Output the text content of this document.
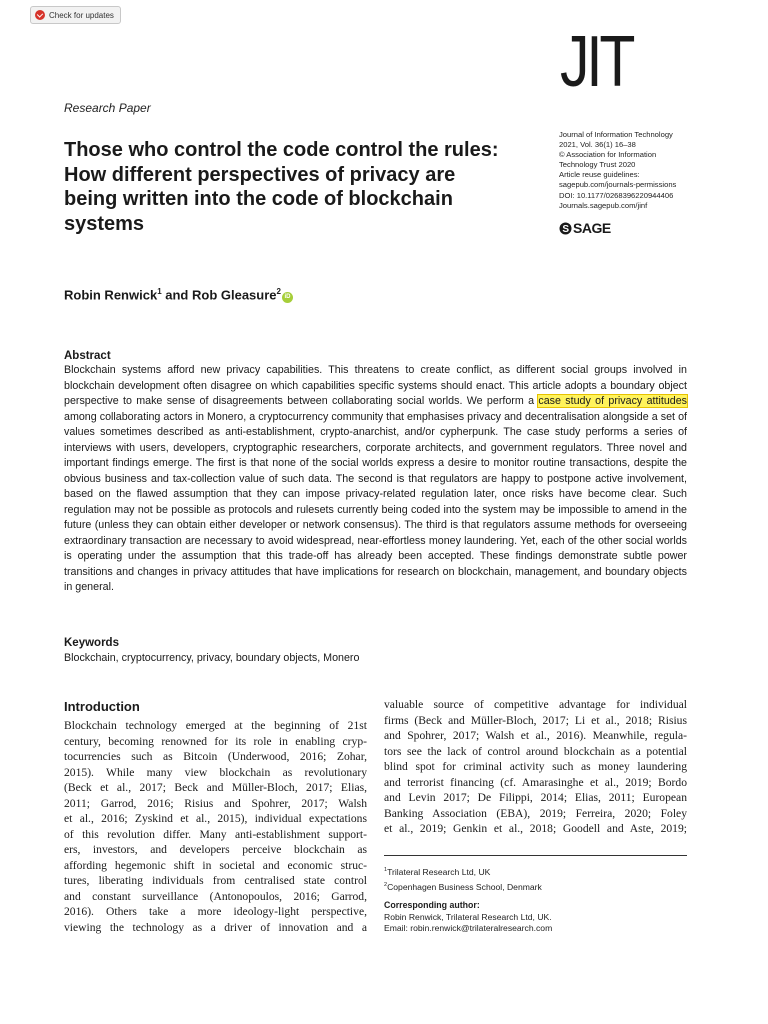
Check for updates
JIT
Research Paper
Those who control the code control the rules: How different perspectives of privacy are being written into the code of blockchain systems
Journal of Information Technology
2021, Vol. 36(1) 16–38
© Association for Information
Technology Trust 2020
Article reuse guidelines:
sagepub.com/journals-permissions
DOI: 10.1177/0268396220944406
Journals.sagepub.com/jinf
S SAGE
Robin Renwick$^1$ and Rob Gleasure$^2$iD
Abstract
Blockchain systems afford new privacy capabilities. This threatens to create conflict, as different social groups involved in blockchain development often disagree on which capabilities specific systems should enact. This article adopts a boundary object perspective to make sense of disagreements between collaborating social worlds. We perform a case study of privacy attitudes among collaborating actors in Monero, a cryptocurrency community that emphasises privacy and decentralisation alongside a set of values sometimes described as anti-establishment, crypto-anarchist, and/or cypherpunk. The case study performs a series of interviews with users, developers, cryptographic researchers, corporate architects, and government regulators. Three novel and important findings emerge. The first is that none of the social worlds express a desire to monitor routine transactions, despite the obvious business and tax-collection value of such data. The second is that regulators are happy to postpone active involvement, based on the flawed assumption that they can impose privacy-related regulation later, once risks have become clear. Such regulation may not be possible as protocols and rulesets currently being coded into the system may be impossible to amend in the future (unless they can obtain either developer or network consensus). The third is that regulators assume methods for overseeing extraordinary transaction are necessary to avoid widespread, near-effortless money laundering. Yet, each of the other social worlds is operating under the assumption that this trade-off has already been accepted. These findings demonstrate subtle power transitions and changes in privacy attitudes that have implications for research on blockchain, management, and boundary objects in general.
Keywords
Blockchain, cryptocurrency, privacy, boundary objects, Monero
Introduction
Blockchain technology emerged at the beginning of 21st
century, becoming renowned for its role in enabling cryp-
tocurrencies such as Bitcoin (Underwood, 2016; Zohar,
2015). While many view blockchain as revolutionary
(Beck et al., 2017; Beck and Müller-Bloch, 2017; Elias,
2011; Garrod, 2016; Risius and Spohrer, 2017; Walsh
et al., 2016; Zyskind et al., 2015), individual expectations
of this revolution differ. Many anti-establishment support-
ers, investors, and developers perceive blockchain as
affording hegemonic shift in societal and economic struc-
tures, liberating individuals from centralised state control
and constant surveillance (Antonopoulos, 2016; Garrod,
2016). Others take a more ideology-light perspective,
viewing the technology as a driver of innovation and a
valuable source of competitive advantage for individual
firms (Beck and Müller-Bloch, 2017; Li et al., 2018; Risius
and Spohrer, 2017; Walsh et al., 2016). Meanwhile, regula-
tors see the lack of control around blockchain as a potential
blind spot for criminal activity such as money laundering
and terrorist financing (cf. Amarasinghe et al., 2019; Bordo
and Levin 2017; De Filippi, 2014; Elias, 2011; European
Banking Association (EBA), 2019; Ferreira, 2020; Foley
et al., 2019; Genkin et al., 2018; Goodell and Aste, 2019;
$^1$Trilateral Research Ltd, UK
$^2$Copenhagen Business School, Denmark
Corresponding author:
Robin Renwick, Trilateral Research Ltd, UK.
Email: robin.renwick@trilateralresearch.com
